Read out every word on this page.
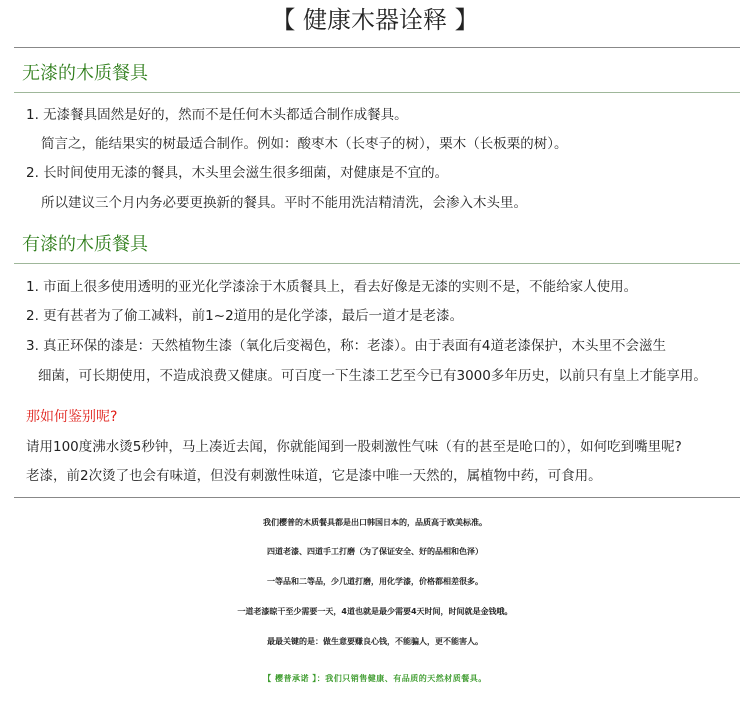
【 健康木器诠释 】
无漆的木质餐具
1. 无漆餐具固然是好的，然而不是任何木头都适合制作成餐具。
简言之，能结果实的树最适合制作。例如：酸枣木（长枣子的树），栗木（长板栗的树）。
2. 长时间使用无漆的餐具，木头里会滋生很多细菌，对健康是不宜的。
所以建议三个月内务必要更换新的餐具。平时不能用洗洁精清洗，会渗入木头里。
有漆的木质餐具
1. 市面上很多使用透明的亚光化学漆涂于木质餐具上，看去好像是无漆的实则不是，不能给家人使用。
2. 更有甚者为了偷工减料，前1~2道用的是化学漆，最后一道才是老漆。
3. 真正环保的漆是：天然植物生漆（氧化后变褐色，称：老漆）。由于表面有4道老漆保护，木头里不会滋生
细菌，可长期使用，不造成浪费又健康。可百度一下生漆工艺至今已有3000多年历史，以前只有皇上才能享用。
那如何鉴别呢?
请用100度沸水烫5秒钟，马上凑近去闻，你就能闻到一股刺激性气味（有的甚至是呛口的），如何吃到嘴里呢?
老漆，前2次烫了也会有味道，但没有刺激性味道，它是漆中唯一天然的，属植物中药，可食用。
我们樱普的木质餐具都是出口韩国日本的，品质高于欧美标准。
四道老漆、四道手工打磨（为了保证安全、好的品相和色泽）
一等品和二等品，少几道打磨，用化学漆，价格都相差很多。
一道老漆晾干至少需要一天，4道也就是最少需要4天时间，时间就是金钱哦。
最最关键的是：做生意要赚良心钱，不能骗人，更不能害人。
【 樱普承诺 】：我们只销售健康、有品质的天然材质餐具。
